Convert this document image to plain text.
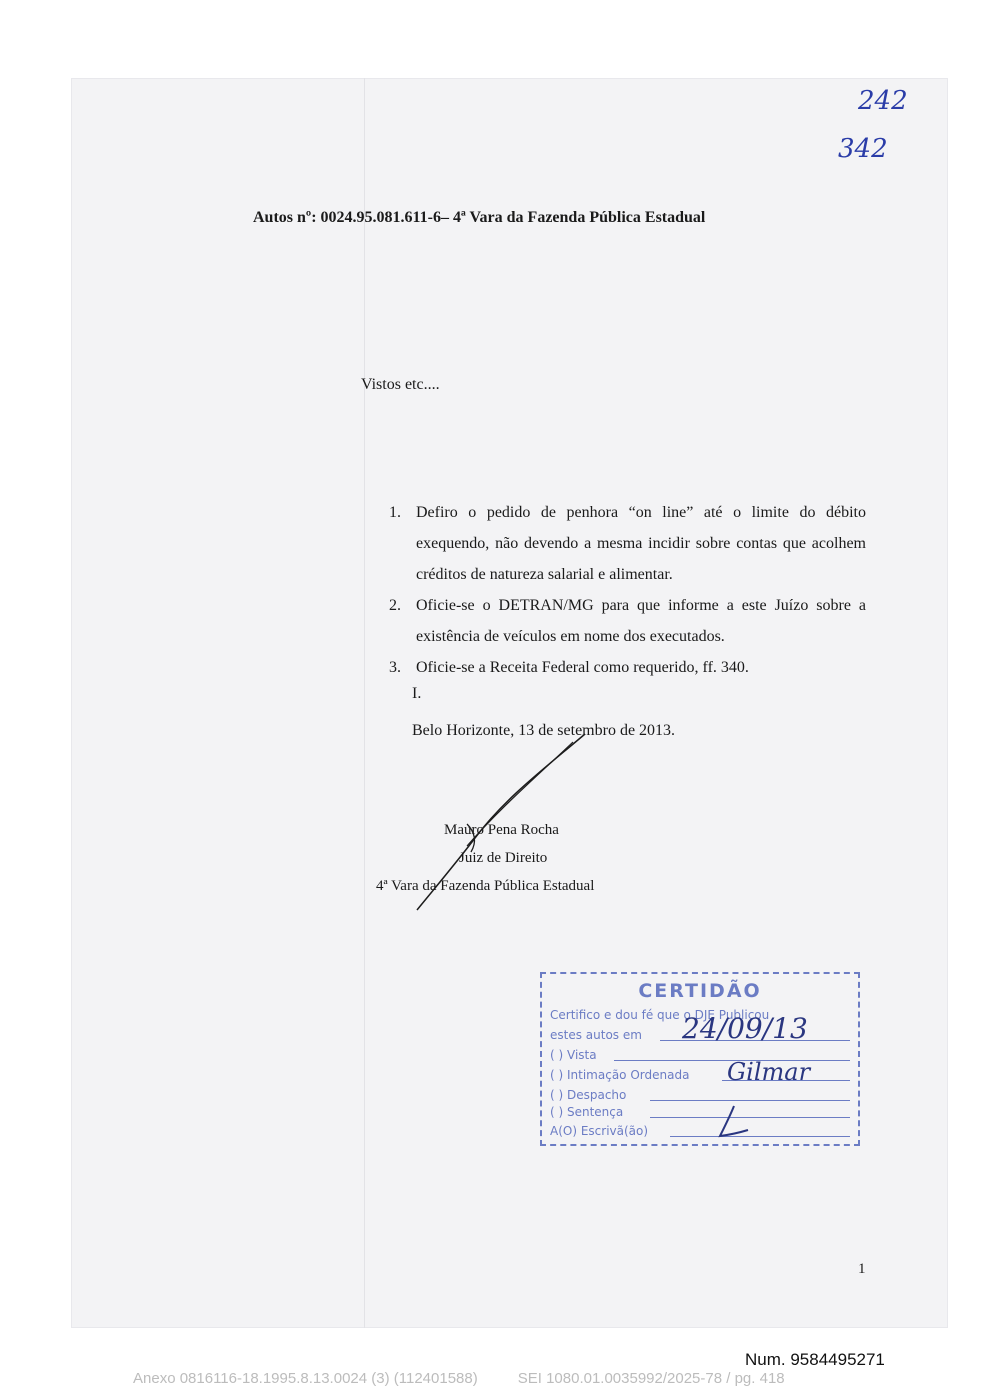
242
342
Autos nº: 0024.95.081.611-6– 4ª Vara da Fazenda Pública Estadual
Vistos etc....
1. Defiro o pedido de penhora “on line” até o limite do débito exequendo, não devendo a mesma incidir sobre contas que acolhem créditos de natureza salarial e alimentar.
2. Oficie-se o DETRAN/MG para que informe a este Juízo sobre a existência de veículos em nome dos executados.
3. Oficie-se a Receita Federal como requerido, ff. 340.
I.
Belo Horizonte, 13 de setembro de 2013.
Mauro Pena Rocha
Juiz de Direito
4ª Vara da Fazenda Pública Estadual
CERTIDÃO
Certifico e dou fé que o DJE Publicou
estes autos em 24/09/13
( ) Vista
( ) Intimação Ordenada Gilmar
( ) Despacho
( ) Sentença
A(O) Escrivã(ão)
1
Num. 9584495271
Anexo 0816116-18.1995.8.13.0024 (3) (112401588)	SEI 1080.01.0035992/2025-78 / pg. 418
